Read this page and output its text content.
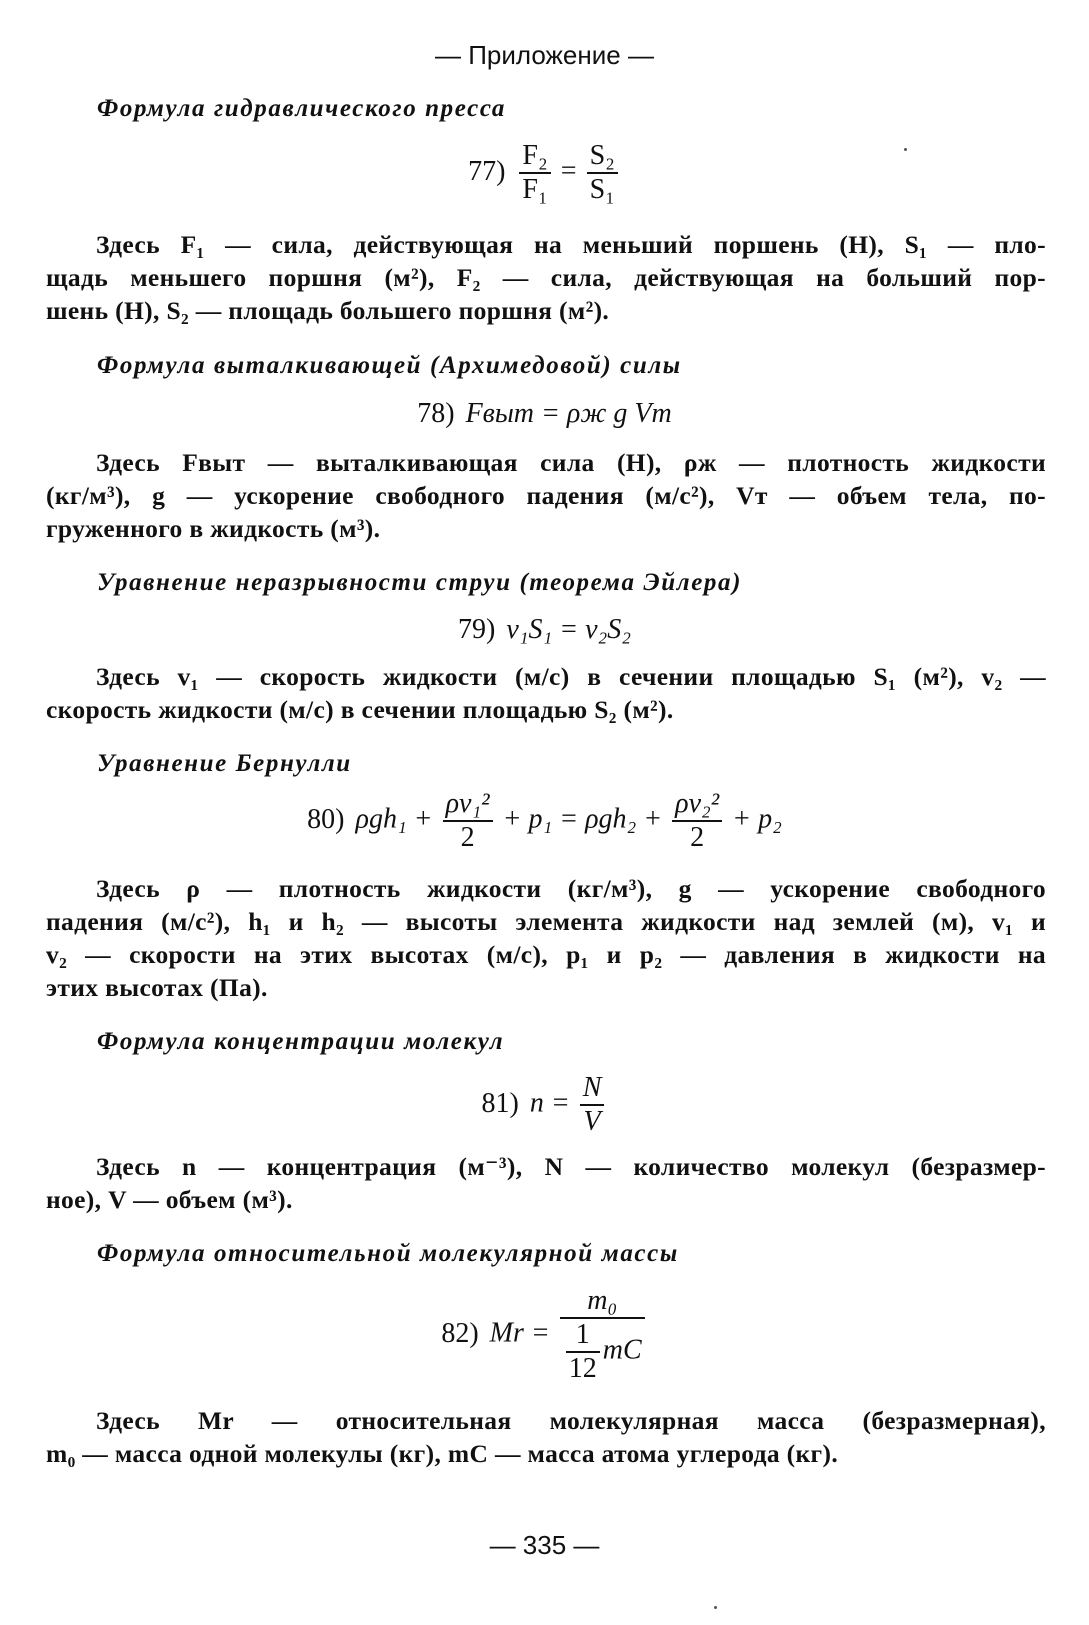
— Приложение —
Формула гидравлического пресса
$77) \frac{\text{F₂}}{\text{F₁}} = \frac{\text{S₂}}{\text{S₁}}$
Здесь F₁ — сила, действующая на меньший поршень (Н), S₁ — пло-
щадь меньшего поршня (м²), F₂ — сила, действующая на больший пор-
шень (Н), S₂ — площадь большего поршня (м²).
Формула выталкивающей (Архимедовой) силы
78) Fвыт = ρж g Vт
Здесь Fвыт — выталкивающая сила (Н), ρж — плотность жидкости
(кг/м³), g — ускорение свободного падения (м/с²), Vт — объем тела, по-
груженного в жидкость (м³).
Уравнение неразрывности струи (теорема Эйлера)
79) v₁S₁ = v₂S₂
Здесь v₁ — скорость жидкости (м/с) в сечении площадью S₁ (м²), v₂ —
скорость жидкости (м/с) в сечении площадью S₂ (м²).
Уравнение Бернулли
80) $\rho gh_1 + \frac{\text{ρv₁²}}{2} + p_1 = \rho gh_2 + \frac{\text{ρv₂²}}{2} + p_2$
Здесь ρ — плотность жидкости (кг/м³), g — ускорение свободного
падения (м/с²), h₁ и h₂ — высоты элемента жидкости над землей (м), v₁ и
v₂ — скорости на этих высотах (м/с), p₁ и p₂ — давления в жидкости на
этих высотах (Па).
Формула концентрации молекул
81) $n = \frac{N}{V}$
Здесь n — концентрация (м⁻³), N — количество молекул (безразмер-
ное), V — объем (м³).
Формула относительной молекулярной массы
82) $Mr = \frac{\text{m₀}}{\frac{1}{12} mC}$
Здесь Mr — относительная молекулярная масса (безразмерная),
m₀ — масса одной молекулы (кг), mC — масса атома углерода (кг).
— 335 —
